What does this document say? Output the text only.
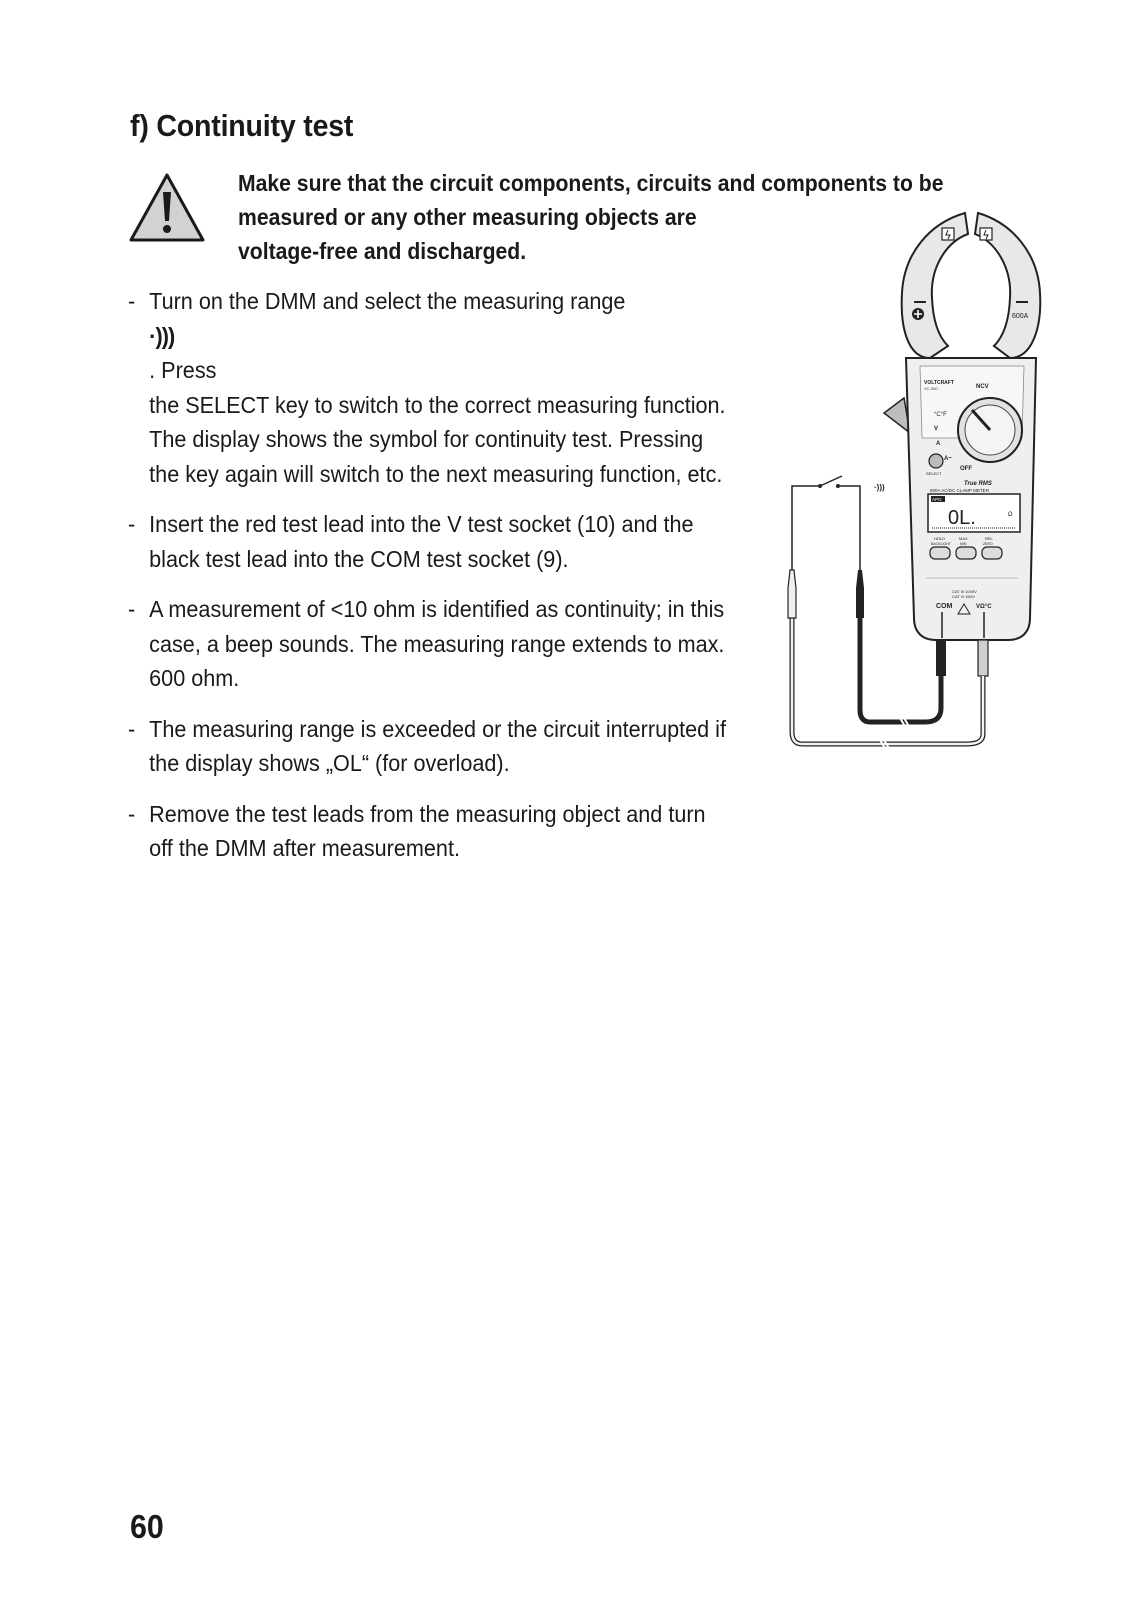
f) Continuity test
Make sure that the circuit components, circuits and components to be
measured or any other measuring objects are
voltage-free and discharged.
- Turn on the DMM and select the measuring range
·)))
. Press
the SELECT key to switch to the correct measuring function.
The display shows the symbol for continuity test. Pressing
the key again will switch to the next measuring function, etc.
- Insert the red test lead into the V test socket (10) and the
black test lead into the COM test socket (9).
- A measurement of <10 ohm is identified as continuity; in this
case, a beep sounds. The measuring range extends to max.
600 ohm.
- The measuring range is exceeded or the circuit interrupted if
the display shows „OL“ (for overload).
- Remove the test leads from the measuring object and turn
off the DMM after measurement.
600A
VOLTCRAFT
VC-590	NCV
°C°F
V
A
A~
OFF
SELECT
True RMS
600A AC/DC CLAMP METER
APO
0L.	Ω
HOLD
BACKLIGHT
MAX
MIN
REL
ZERO
CAT III 1000V
CAT IV 600V
COM	VΩ°C
·)))
60
